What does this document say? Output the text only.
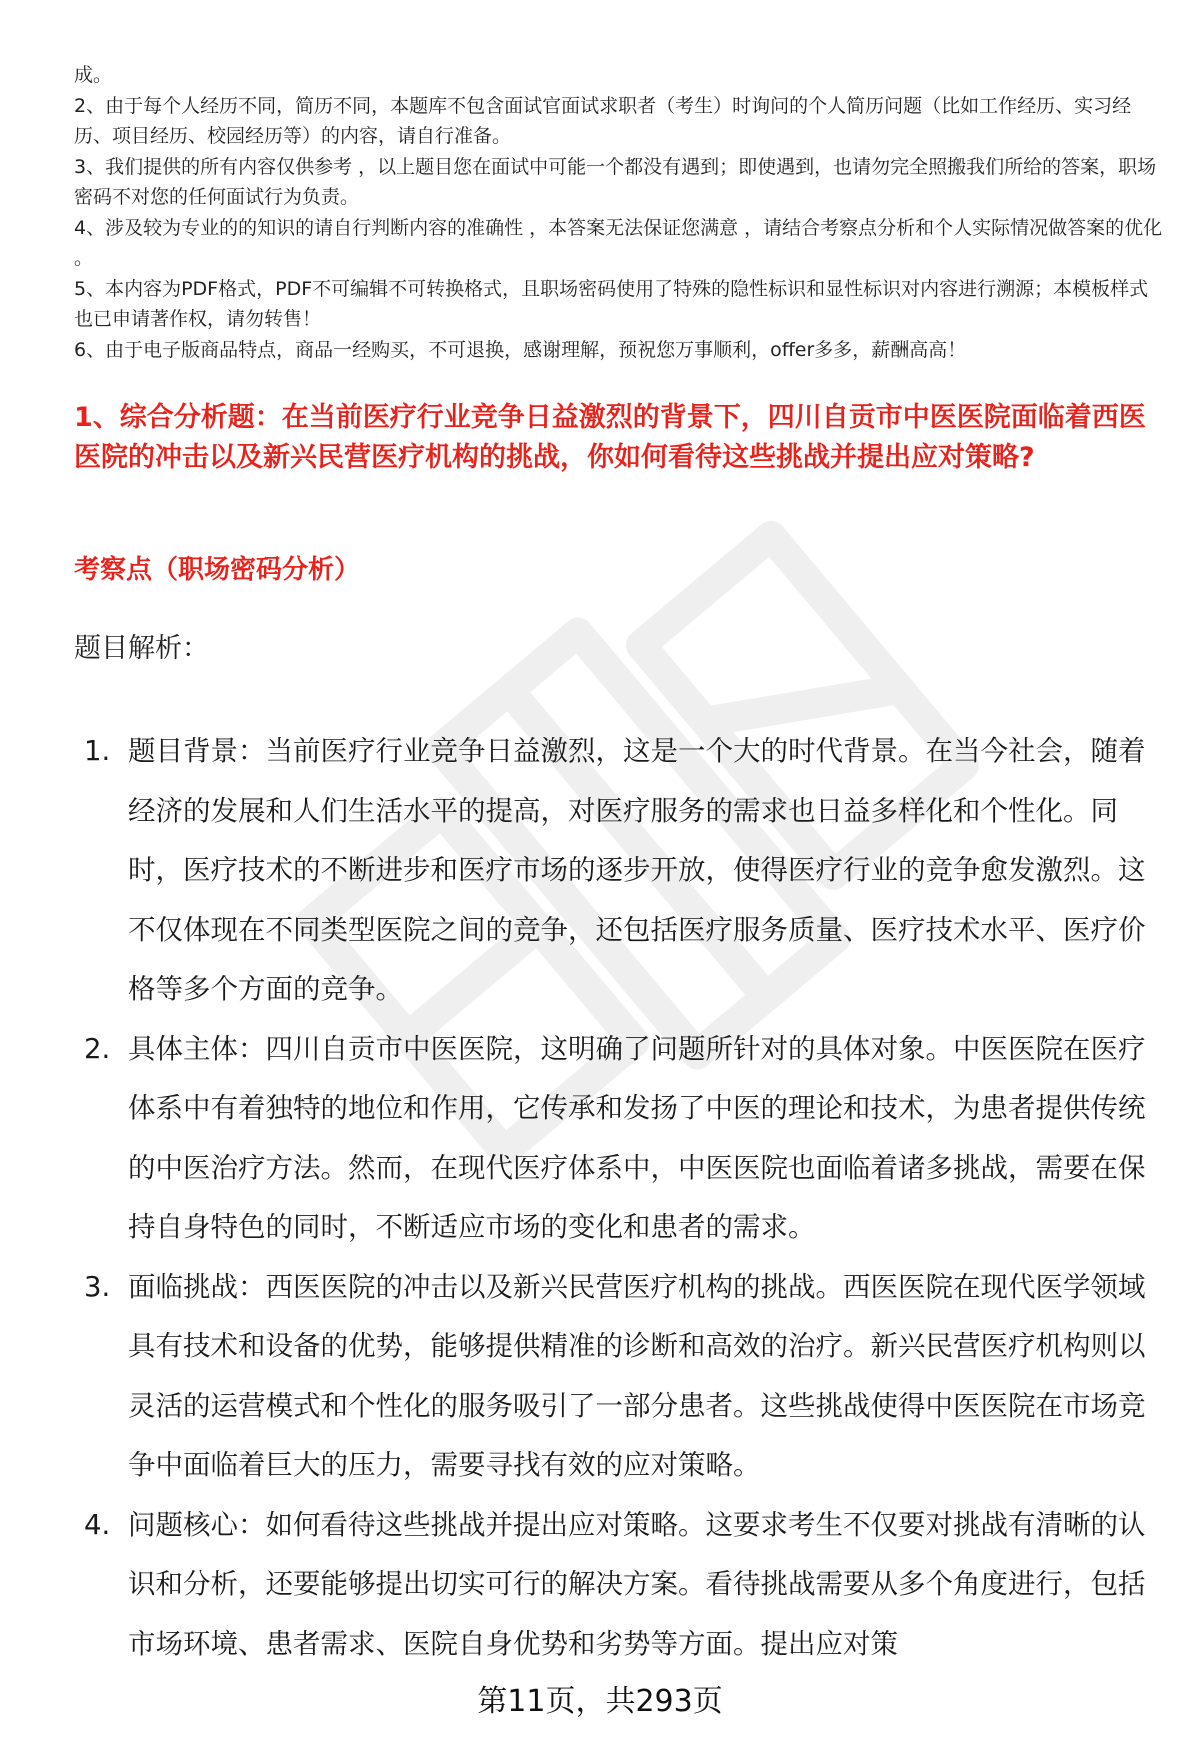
成。

2、由于每个人经历不同，简历不同，本题库不包含面试官面试求职者（考生）时询问的个人简历问题（比如工作经历、实习经历、项目经历、校园经历等）的内容，请自行准备。

3、我们提供的所有内容仅供参考 ，以上题目您在面试中可能一个都没有遇到；即使遇到，也请勿完全照搬我们所给的答案，职场密码不对您的任何面试行为负责。

4、涉及较为专业的的知识的请自行判断内容的准确性 ，本答案无法保证您满意 ，请结合考察点分析和个人实际情况做答案的优化 。

5、本内容为PDF格式，PDF不可编辑不可转换格式，且职场密码使用了特殊的隐性标识和显性标识对内容进行溯源；本模板样式也已申请著作权，请勿转售！

6、由于电子版商品特点，商品一经购买，不可退换，感谢理解，预祝您万事顺利，offer多多，薪酬高高！

1、综合分析题：在当前医疗行业竞争日益激烈的背景下，四川自贡市中医医院面临着西医医院的冲击以及新兴民营医疗机构的挑战，你如何看待这些挑战并提出应对策略?
考察点（职场密码分析）
题目解析：
1. 题目背景：当前医疗行业竞争日益激烈，这是一个大的时代背景。在当今社会，随着经济的发展和人们生活水平的提高，对医疗服务的需求也日益多样化和个性化。同时，医疗技术的不断进步和医疗市场的逐步开放，使得医疗行业的竞争愈发激烈。这不仅体现在不同类型医院之间的竞争，还包括医疗服务质量、医疗技术水平、医疗价格等多个方面的竞争。
2. 具体主体：四川自贡市中医医院，这明确了问题所针对的具体对象。中医医院在医疗体系中有着独特的地位和作用，它传承和发扬了中医的理论和技术，为患者提供传统的中医治疗方法。然而，在现代医疗体系中，中医医院也面临着诸多挑战，需要在保持自身特色的同时，不断适应市场的变化和患者的需求。
3. 面临挑战：西医医院的冲击以及新兴民营医疗机构的挑战。西医医院在现代医学领域具有技术和设备的优势，能够提供精准的诊断和高效的治疗。新兴民营医疗机构则以灵活的运营模式和个性化的服务吸引了一部分患者。这些挑战使得中医医院在市场竞争中面临着巨大的压力，需要寻找有效的应对策略。
4. 问题核心：如何看待这些挑战并提出应对策略。这要求考生不仅要对挑战有清晰的认识和分析，还要能够提出切实可行的解决方案。看待挑战需要从多个角度进行，包括市场环境、患者需求、医院自身优势和劣势等方面。提出应对策
第11页，共293页
